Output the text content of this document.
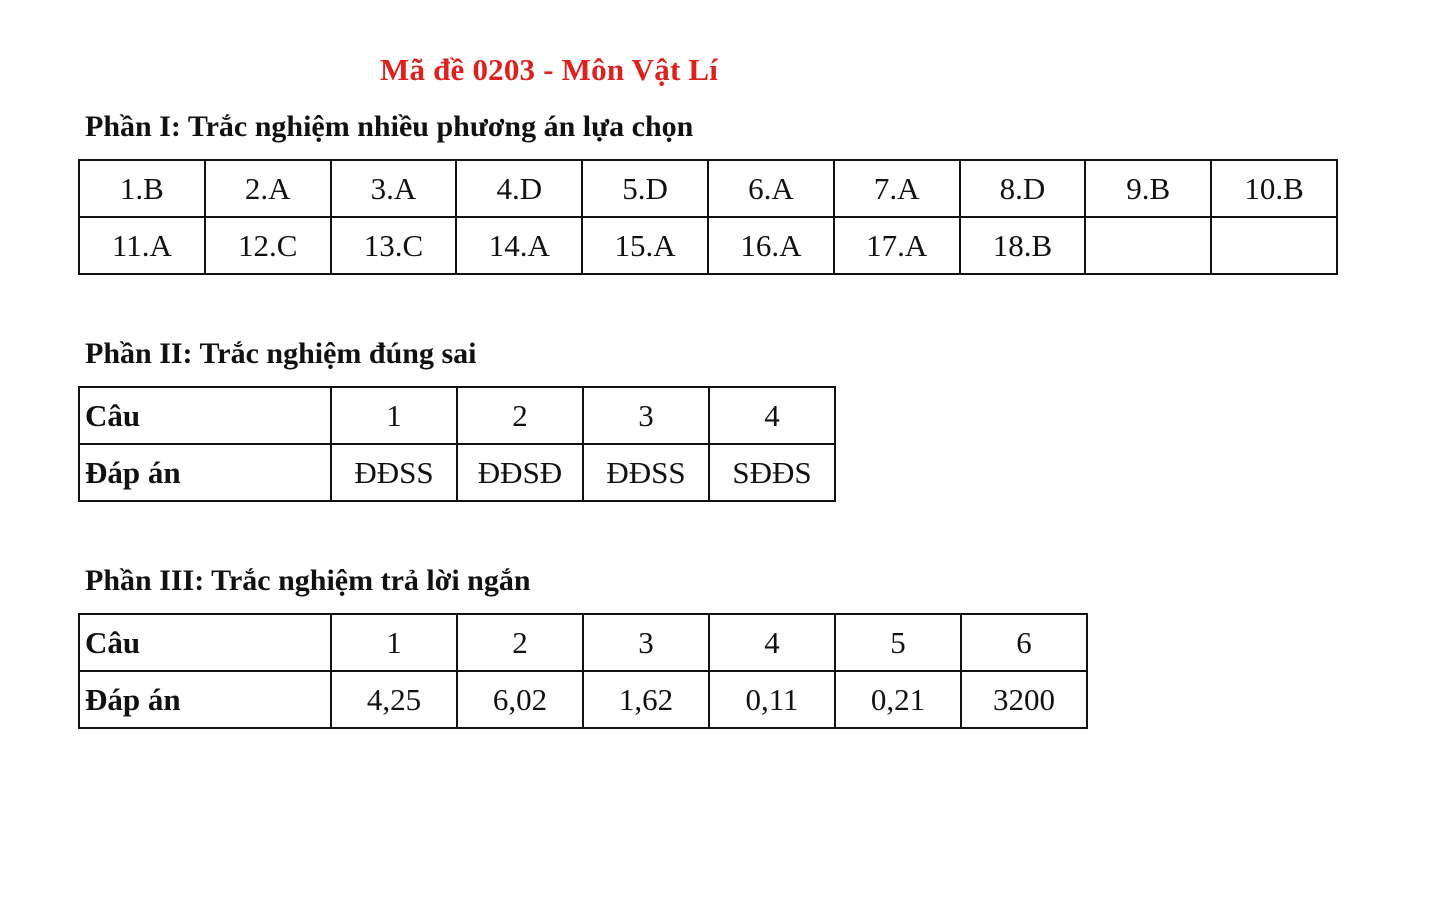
Mã đề 0203 - Môn Vật Lí
Phần I: Trắc nghiệm nhiều phương án lựa chọn
1.B	2.A	3.A	4.D	5.D	6.A	7.A	8.D	9.B	10.B
11.A	12.C	13.C	14.A	15.A	16.A	17.A	18.B		
Phần II: Trắc nghiệm đúng sai
Câu	1	2	3	4
Đáp án	ĐĐSS	ĐĐSĐ	ĐĐSS	SĐĐS
Phần III: Trắc nghiệm trả lời ngắn
Câu	1	2	3	4	5	6
Đáp án	4,25	6,02	1,62	0,11	0,21	3200
